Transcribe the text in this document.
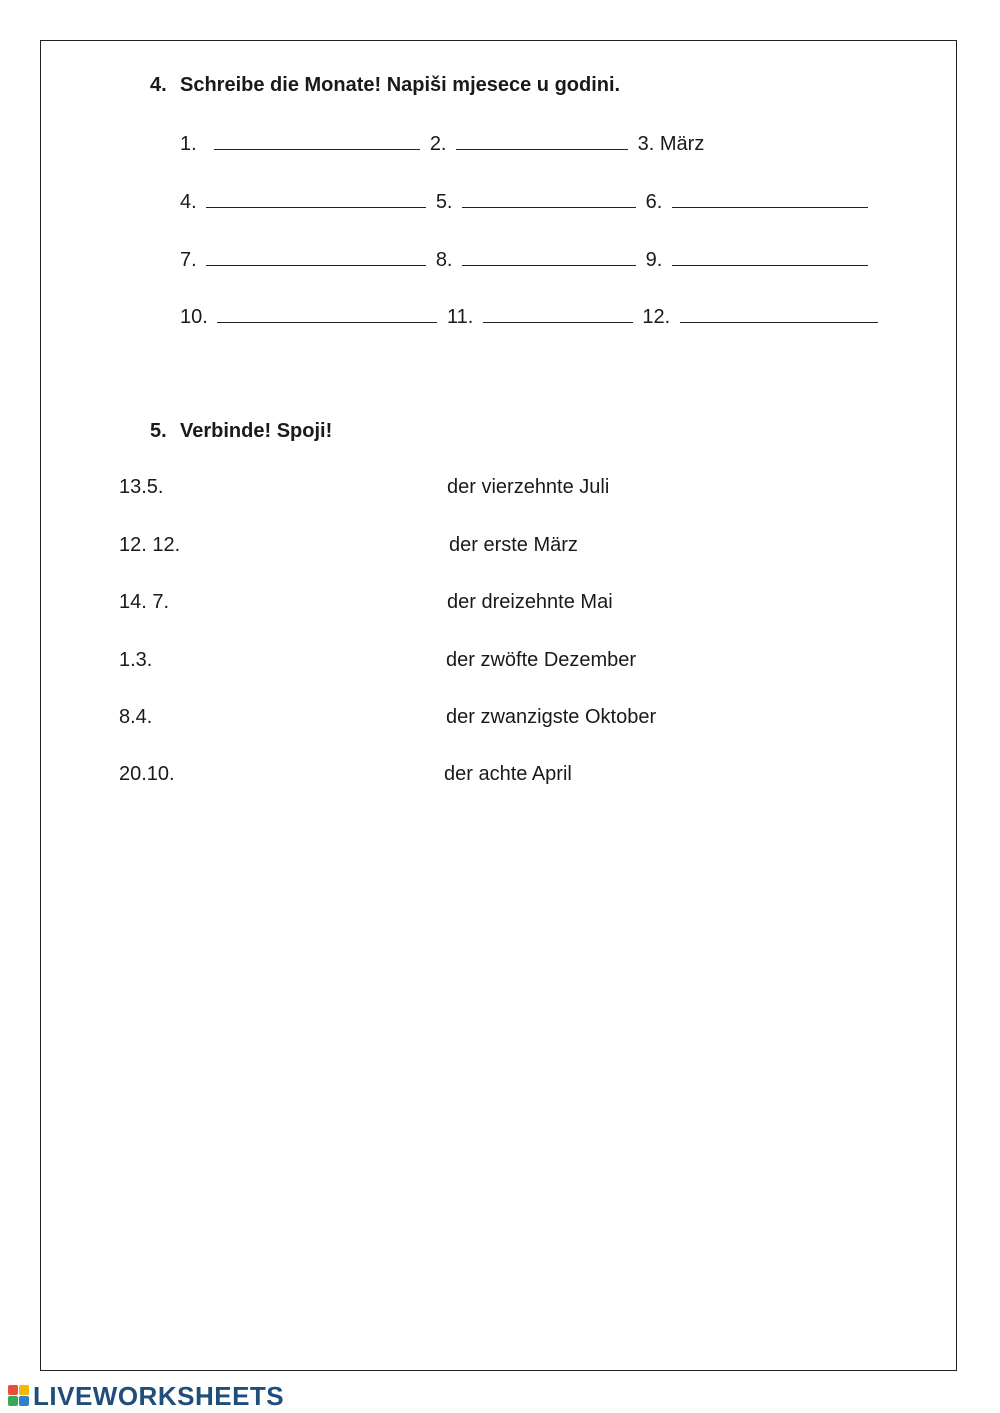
4. Schreibe die Monate! Napiši mjesece u godini.
1.	2.	3. März
4.	5.	6.
7.	8.	9.
10.	11.	12.
5. Verbinde! Spoji!
13.5.	der vierzehnte Juli
12. 12.	der erste März
14. 7.	der dreizehnte Mai
1.3.	der zwöfte Dezember
8.4.	der zwanzigste Oktober
20.10.	der achte April
LIVEWORKSHEETS
